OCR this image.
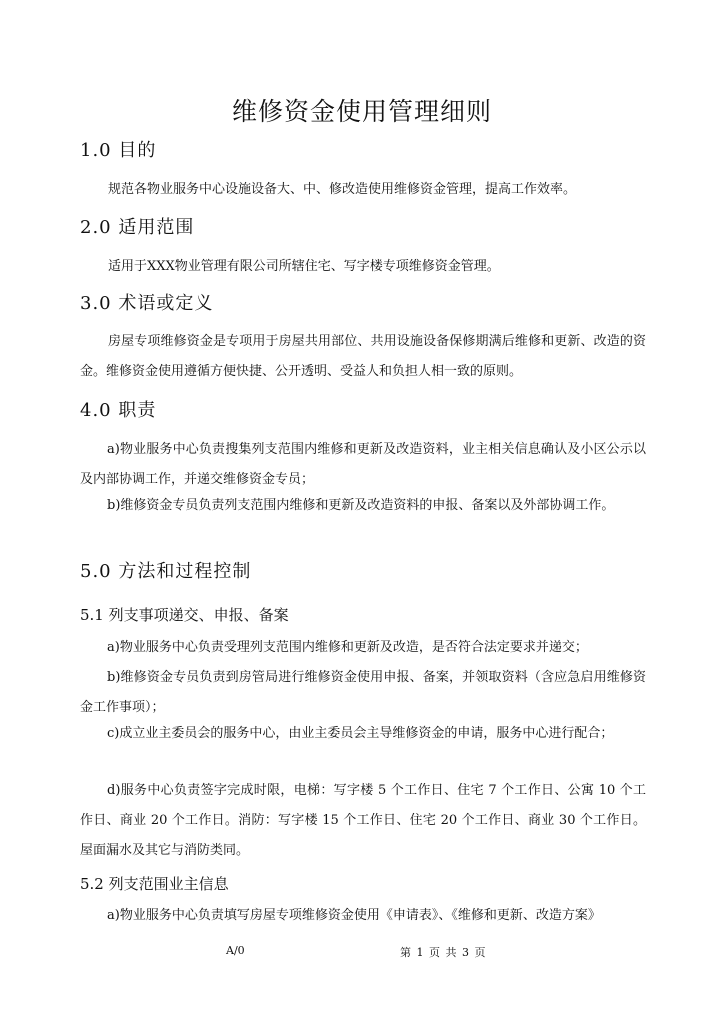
维修资金使用管理细则
1.0 目的

规范各物业服务中心设施设备大、中、修改造使用维修资金管理，提高工作效率。

2.0 适用范围

适用于XXX物业管理有限公司所辖住宅、写字楼专项维修资金管理。

3.0 术语或定义

房屋专项维修资金是专项用于房屋共用部位、共用设施设备保修期满后维修和更新、改造的资金。维修资金使用遵循方便快捷、公开透明、受益人和负担人相一致的原则。

4.0 职责

a)物业服务中心负责搜集列支范围内维修和更新及改造资料，业主相关信息确认及小区公示以及内部协调工作，并递交维修资金专员；

b)维修资金专员负责列支范围内维修和更新及改造资料的申报、备案以及外部协调工作。

5.0 方法和过程控制
5.1 列支事项递交、申报、备案

a)物业服务中心负责受理列支范围内维修和更新及改造，是否符合法定要求并递交；

b)维修资金专员负责到房管局进行维修资金使用申报、备案，并领取资料（含应急启用维修资金工作事项）；

c)成立业主委员会的服务中心，由业主委员会主导维修资金的申请，服务中心进行配合；

d)服务中心负责签字完成时限，电梯：写字楼 5 个工作日、住宅 7 个工作日、公寓 10 个工作日、商业 20 个工作日。消防：写字楼 15 个工作日、住宅 20 个工作日、商业 30 个工作日。屋面漏水及其它与消防类同。

5.2 列支范围业主信息

a)物业服务中心负责填写房屋专项维修资金使用《申请表》、《维修和更新、改造方案》

A/0	第 1 页 共 3 页
